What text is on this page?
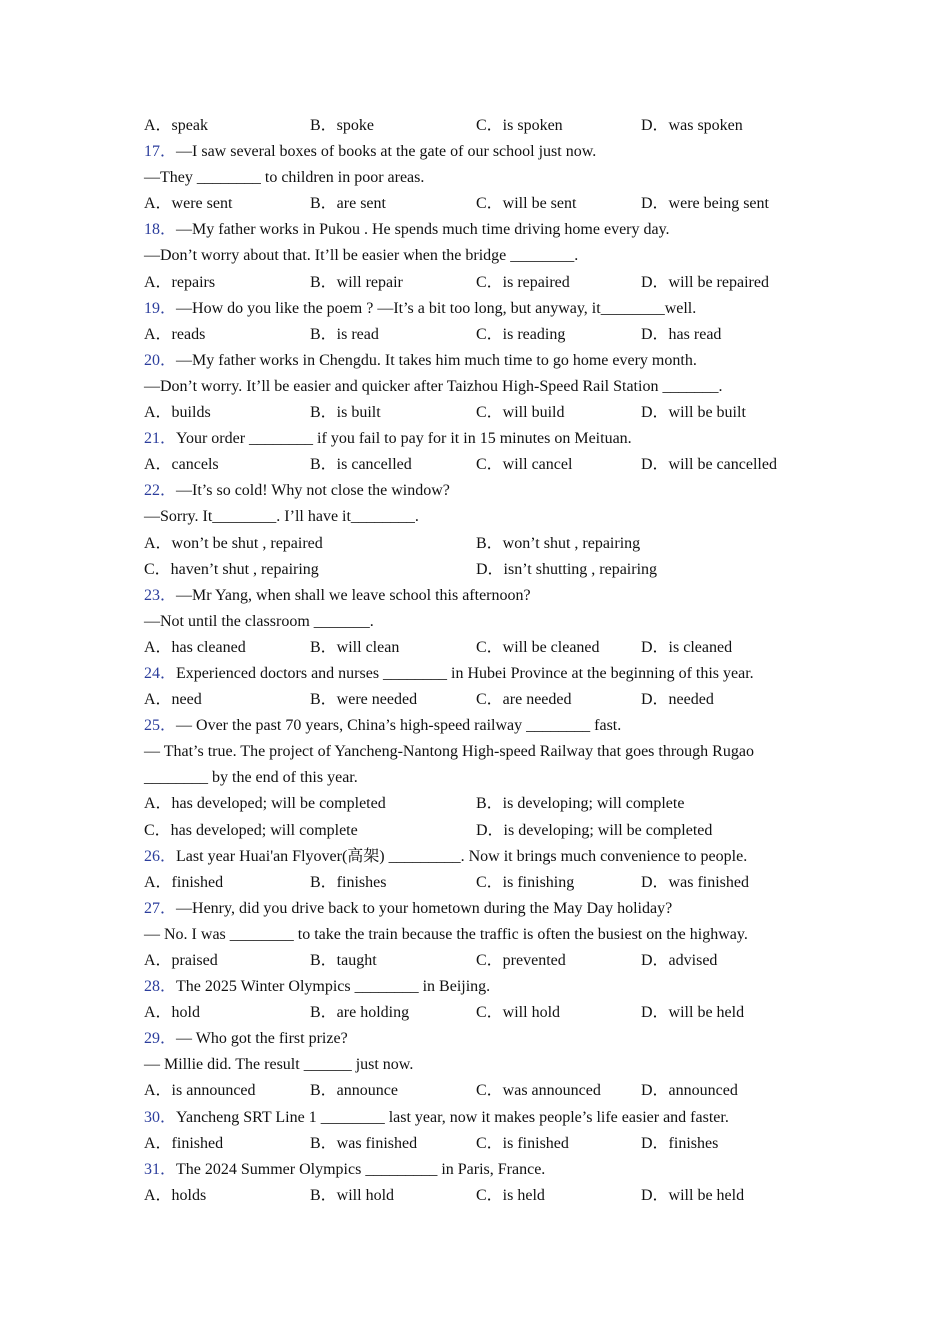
A．speak	B．spoke	C．is spoken	D．was spoken
17．—I saw several boxes of books at the gate of our school just now.
—They ________ to children in poor areas.
A．were sent	B．are sent	C．will be sent	D．were being sent
18．—My father works in Pukou . He spends much time driving home every day.
—Don’t worry about that. It’ll be easier when the bridge ________.
A．repairs	B．will repair	C．is repaired	D．will be repaired
19．—How do you like the poem ? —It’s a bit too long, but anyway, it________well.
A．reads	B．is read	C．is reading	D．has read
20．—My father works in Chengdu. It takes him much time to go home every month.
—Don’t worry. It’ll be easier and quicker after Taizhou High-Speed Rail Station _______.
A．builds	B．is built	C．will build	D．will be built
21．Your order ________ if you fail to pay for it in 15 minutes on Meituan.
A．cancels	B．is cancelled	C．will cancel	D．will be cancelled
22．—It’s so cold! Why not close the window?
—Sorry. It________. I’ll have it________.
A．won’t be shut , repaired	B．won’t shut , repairing
C．haven’t shut , repairing	D．isn’t shutting , repairing
23．—Mr Yang, when shall we leave school this afternoon?
—Not until the classroom _______.
A．has cleaned	B．will clean	C．will be cleaned	D．is cleaned
24．Experienced doctors and nurses ________ in Hubei Province at the beginning of this year.
A．need	B．were needed	C．are needed	D．needed
25．— Over the past 70 years, China’s high-speed railway ________ fast.
— That’s true. The project of Yancheng-Nantong High-speed Railway that goes through Rugao
________ by the end of this year.
A．has developed; will be completed	B．is developing; will complete
C．has developed; will complete	D．is developing; will be completed
26．Last year Huai'an Flyover(高架) _________. Now it brings much convenience to people.
A．finished	B．finishes	C．is finishing	D．was finished
27．—Henry, did you drive back to your hometown during the May Day holiday?
— No. I was ________ to take the train because the traffic is often the busiest on the highway.
A．praised	B．taught	C．prevented	D．advised
28．The 2025 Winter Olympics ________ in Beijing.
A．hold	B．are holding	C．will hold	D．will be held
29．— Who got the first prize?
— Millie did. The result ______ just now.
A．is announced	B．announce	C．was announced	D．announced
30．Yancheng SRT Line 1 ________ last year, now it makes people’s life easier and faster.
A．finished	B．was finished	C．is finished	D．finishes
31．The 2024 Summer Olympics _________ in Paris, France.
A．holds	B．will hold	C．is held	D．will be held
